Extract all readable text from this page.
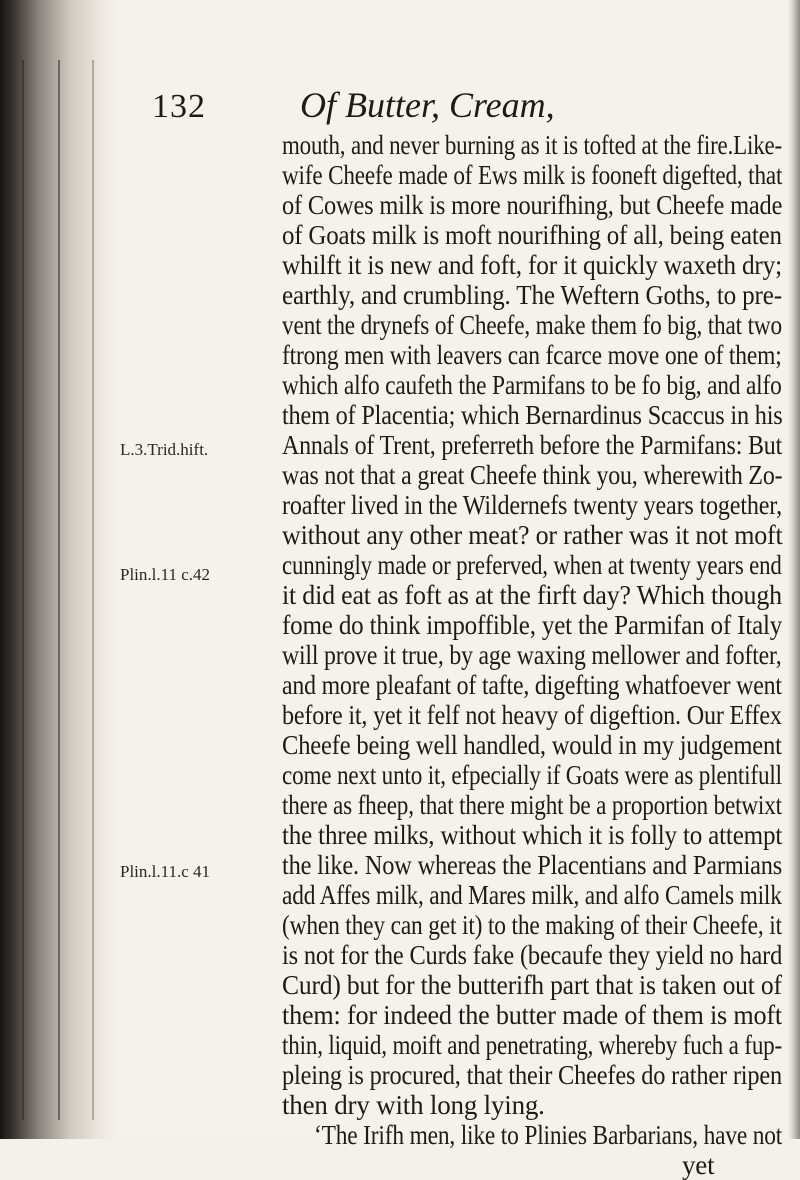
132	Of Butter, Cream,
L.3.Trid.hift.
Plin.l.11 c.42
Plin.l.11.c 41
mouth, and never burning as it is tofted at the fire.Like-
wife Cheefe made of Ews milk is fooneft digefted, that
of Cowes milk is more nourifhing, but Cheefe made
of Goats milk is moft nourifhing of all, being eaten
whilft it is new and foft, for it quickly waxeth dry;
earthly, and crumbling. The Weftern Goths, to pre-
vent the drynefs of Cheefe, make them fo big, that two
ftrong men with leavers can fcarce move one of them;
which alfo caufeth the Parmifans to be fo big, and alfo
them of Placentia; which Bernardinus Scaccus in his
Annals of Trent, preferreth before the Parmifans: But
was not that a great Cheefe think you, wherewith Zo-
roafter lived in the Wildernefs twenty years together,
without any other meat? or rather was it not moft
cunningly made or preferved, when at twenty years end
it did eat as foft as at the firft day? Which though
fome do think impoffible, yet the Parmifan of Italy
will prove it true, by age waxing mellower and fofter,
and more pleafant of tafte, digefting whatfoever went
before it, yet it felf not heavy of digeftion. Our Effex
Cheefe being well handled, would in my judgement
come next unto it, efpecially if Goats were as plentifull
there as fheep, that there might be a proportion betwixt
the three milks, without which it is folly to attempt
the like. Now whereas the Placentians and Parmians
add Affes milk, and Mares milk, and alfo Camels milk
(when they can get it) to the making of their Cheefe, it
is not for the Curds fake (becaufe they yield no hard
Curd) but for the butterifh part that is taken out of
them: for indeed the butter made of them is moft
thin, liquid, moift and penetrating, whereby fuch a fup-
pleing is procured, that their Cheefes do rather ripen
then dry with long lying.
‘The Irifh men, like to Plinies Barbarians, have not
yet
